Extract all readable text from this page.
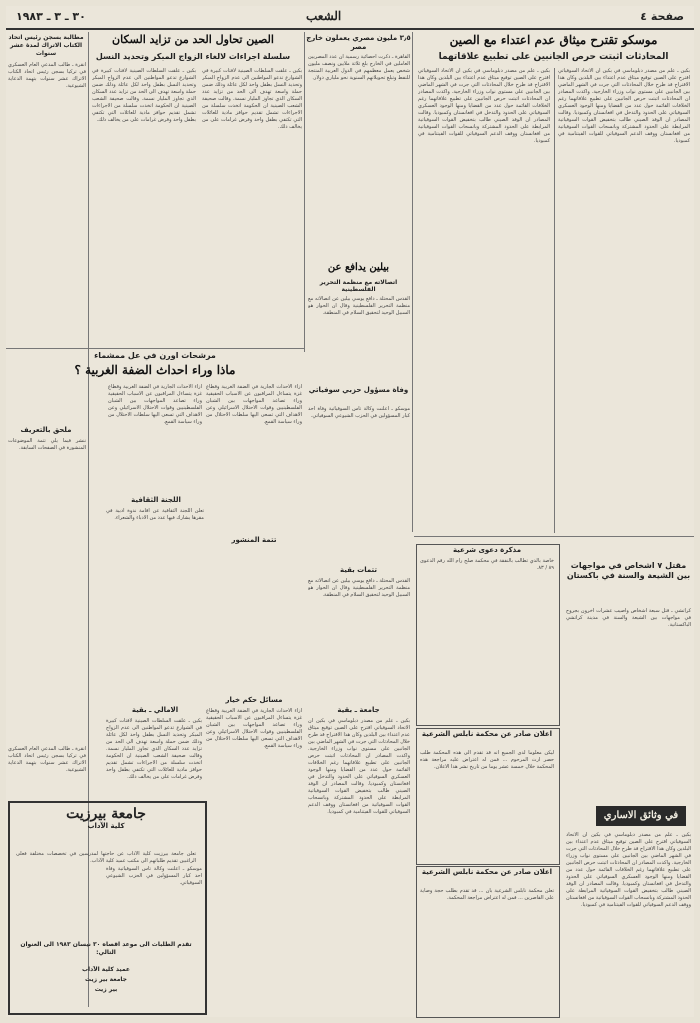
صفحة ٤
الشعب
٣٠ ـ ٣ ـ ١٩٨٣
موسكو تقترح ميثاق عدم اعتداء مع الصين
المحادثات اثبتت حرص الجانبين على تطبيع علاقاتهما
بكين ـ علم من مصدر دبلوماسي في بكين ان الاتحاد السوفياتي اقترح على الصين توقيع ميثاق عدم اعتداء بين البلدين وكان هذا الاقتراح قد طرح خلال المحادثات التي جرت في الشهر الماضي بين الجانبين على مستوى نواب وزراء الخارجية. واكدت المصادر ان المحادثات اثبتت حرص الجانبين على تطبيع علاقاتهما رغم الخلافات القائمة حول عدد من القضايا ومنها الوجود العسكري السوفياتي على الحدود والتدخل في افغانستان وكمبوديا. وقالت المصادر ان الوفد الصيني طالب بتخفيض القوات السوفياتية المرابطة على الحدود المشتركة وبانسحاب القوات السوفياتية من افغانستان ووقف الدعم السوفياتي للقوات الفيتنامية في كمبوديا.
بكين ـ علم من مصدر دبلوماسي في بكين ان الاتحاد السوفياتي اقترح على الصين توقيع ميثاق عدم اعتداء بين البلدين وكان هذا الاقتراح قد طرح خلال المحادثات التي جرت في الشهر الماضي بين الجانبين على مستوى نواب وزراء الخارجية. واكدت المصادر ان المحادثات اثبتت حرص الجانبين على تطبيع علاقاتهما رغم الخلافات القائمة حول عدد من القضايا ومنها الوجود العسكري السوفياتي على الحدود والتدخل في افغانستان وكمبوديا. وقالت المصادر ان الوفد الصيني طالب بتخفيض القوات السوفياتية المرابطة على الحدود المشتركة وبانسحاب القوات السوفياتية من افغانستان ووقف الدعم السوفياتي للقوات الفيتنامية في كمبوديا.
الصين تحاول الحد من تزايد السكان
سلسلة اجراءات لالغاء الزواج المبكر وتحديد النسل
بكين ـ علقت السلطات الصينية لافتات كبيرة في الشوارع تدعو المواطنين الى عدم الزواج المبكر وتحديد النسل بطفل واحد لكل عائلة وذلك ضمن حملة واسعة تهدف الى الحد من تزايد عدد السكان الذي تجاوز المليار نسمة. وقالت صحيفة الشعب الصينية ان الحكومة اتخذت سلسلة من الاجراءات تشمل تقديم حوافز مادية للعائلات التي تكتفي بطفل واحد وفرض غرامات على من يخالف ذلك.
بكين ـ علقت السلطات الصينية لافتات كبيرة في الشوارع تدعو المواطنين الى عدم الزواج المبكر وتحديد النسل بطفل واحد لكل عائلة وذلك ضمن حملة واسعة تهدف الى الحد من تزايد عدد السكان الذي تجاوز المليار نسمة. وقالت صحيفة الشعب الصينية ان الحكومة اتخذت سلسلة من الاجراءات تشمل تقديم حوافز مادية للعائلات التي تكتفي بطفل واحد وفرض غرامات على من يخالف ذلك.
٣٫٥ مليون مصري يعملون خارج مصر
القاهرة ـ ذكرت احصائية رسمية ان عدد المصريين العاملين في الخارج بلغ ثلاثة ملايين ونصف مليون شخص يعمل معظمهم في الدول العربية المنتجة للنفط وتبلغ تحويلاتهم السنوية نحو ملياري دولار.
بيلين يدافع عن
اتصالاته مع منظمة التحرير الفلسطينية
القدس المحتلة ـ دافع يوسي بيلين عن اتصالاته مع منظمة التحرير الفلسطينية وقال ان الحوار هو السبيل الوحيد لتحقيق السلام في المنطقة.
مرشحات اورن في عل ممشماء
ماذا وراء احداث الضفة الغربية ؟
ازاء الاحداث الجارية في الضفة الغربية وقطاع غزة يتساءل المراقبون عن الاسباب الحقيقية وراء تصاعد المواجهات بين الشبان الفلسطينيين وقوات الاحتلال الاسرائيلي وعن الاهداف التي تسعى اليها سلطات الاحتلال من وراء سياسة القمع.
ازاء الاحداث الجارية في الضفة الغربية وقطاع غزة يتساءل المراقبون عن الاسباب الحقيقية وراء تصاعد المواجهات بين الشبان الفلسطينيين وقوات الاحتلال الاسرائيلي وعن الاهداف التي تسعى اليها سلطات الاحتلال من وراء سياسة القمع.
اللجنة الثقافية
تعلن اللجنة الثقافية عن اقامة ندوة ادبية في مقرها يشارك فيها عدد من الادباء والشعراء.
مطالبة بسجن رئيس اتحاد الكتاب الاتراك لمدة عشر سنوات
انقرة ـ طالب المدعي العام العسكري في تركيا بسجن رئيس اتحاد الكتاب الاتراك عشر سنوات بتهمة الدعاية الشيوعية.
ملحق بالتعريف
ننشر فيما يلي تتمة الموضوعات المنشورة في الصفحات السابقة.
وفاة مسؤول حزبي سوفياتي
موسكو ـ اعلنت وكالة تاس السوفياتية وفاة احد كبار المسؤولين في الحزب الشيوعي السوفياتي.
تتمة المنشور
تتمات بقية
القدس المحتلة ـ دافع يوسي بيلين عن اتصالاته مع منظمة التحرير الفلسطينية وقال ان الحوار هو السبيل الوحيد لتحقيق السلام في المنطقة.
جامعة ـ بقية
الامالي ـ بقية
بكين ـ علقت السلطات الصينية لافتات كبيرة في الشوارع تدعو المواطنين الى عدم الزواج المبكر وتحديد النسل بطفل واحد لكل عائلة وذلك ضمن حملة واسعة تهدف الى الحد من تزايد عدد السكان الذي تجاوز المليار نسمة. وقالت صحيفة الشعب الصينية ان الحكومة اتخذت سلسلة من الاجراءات تشمل تقديم حوافز مادية للعائلات التي تكتفي بطفل واحد وفرض غرامات على من يخالف ذلك.
مسائل حكم خيار
ازاء الاحداث الجارية في الضفة الغربية وقطاع غزة يتساءل المراقبون عن الاسباب الحقيقية وراء تصاعد المواجهات بين الشبان الفلسطينيين وقوات الاحتلال الاسرائيلي وعن الاهداف التي تسعى اليها سلطات الاحتلال من وراء سياسة القمع.
بكين ـ علم من مصدر دبلوماسي في بكين ان الاتحاد السوفياتي اقترح على الصين توقيع ميثاق عدم اعتداء بين البلدين وكان هذا الاقتراح قد طرح خلال المحادثات التي جرت في الشهر الماضي بين الجانبين على مستوى نواب وزراء الخارجية. واكدت المصادر ان المحادثات اثبتت حرص الجانبين على تطبيع علاقاتهما رغم الخلافات القائمة حول عدد من القضايا ومنها الوجود العسكري السوفياتي على الحدود والتدخل في افغانستان وكمبوديا. وقالت المصادر ان الوفد الصيني طالب بتخفيض القوات السوفياتية المرابطة على الحدود المشتركة وبانسحاب القوات السوفياتية من افغانستان ووقف الدعم السوفياتي للقوات الفيتنامية في كمبوديا.
مقتل ٧ اشخاص في مواجهات بين الشيعة والسنة في باكستان
كراتشي ـ قتل سبعة اشخاص واصيب عشرات آخرون بجروح في مواجهات بين الشيعة والسنة في مدينة كراتشي الباكستانية.
مذكرة دعوى شرعية
خاصة بالذي تطالب بالنفقة في محكمة صلح رام الله رقم الدعوى ٨٩ / ٨٣.
اعلان صادر عن محكمة نابلس الشرعية
ليكن معلوما لدى الجميع انه قد تقدم الى هذه المحكمة طلب حصر ارث المرحوم ... فمن له اعتراض عليه مراجعة هذه المحكمة خلال خمسة عشر يوما من تاريخ نشر هذا الاعلان.
اعلان صادر عن محكمة نابلس الشرعية
تعلن محكمة نابلس الشرعية بان ... قد تقدم بطلب حجة وصاية على القاصرين ... فمن له اعتراض مراجعة المحكمة.
في وثائق الاساري
بكين ـ علم من مصدر دبلوماسي في بكين ان الاتحاد السوفياتي اقترح على الصين توقيع ميثاق عدم اعتداء بين البلدين وكان هذا الاقتراح قد طرح خلال المحادثات التي جرت في الشهر الماضي بين الجانبين على مستوى نواب وزراء الخارجية. واكدت المصادر ان المحادثات اثبتت حرص الجانبين على تطبيع علاقاتهما رغم الخلافات القائمة حول عدد من القضايا ومنها الوجود العسكري السوفياتي على الحدود والتدخل في افغانستان وكمبوديا. وقالت المصادر ان الوفد الصيني طالب بتخفيض القوات السوفياتية المرابطة على الحدود المشتركة وبانسحاب القوات السوفياتية من افغانستان ووقف الدعم السوفياتي للقوات الفيتنامية في كمبوديا.
جامعة بيرزيت
كلية الآداب
تعلن جامعة بيرزيت كلية الآداب عن حاجتها لمدرسين في تخصصات مختلفة فعلى الراغبين تقديم طلباتهم الى مكتب عميد كلية الآداب.
تقدم الطلبات الى موعد اقصاه ٣٠ نيسان ١٩٨٣ الى العنوان التالي:
عميد كلية الآداب
جامعة بير زيت
بير زيت
انقرة ـ طالب المدعي العام العسكري في تركيا بسجن رئيس اتحاد الكتاب الاتراك عشر سنوات بتهمة الدعاية الشيوعية.
موسكو ـ اعلنت وكالة تاس السوفياتية وفاة احد كبار المسؤولين في الحزب الشيوعي السوفياتي.
